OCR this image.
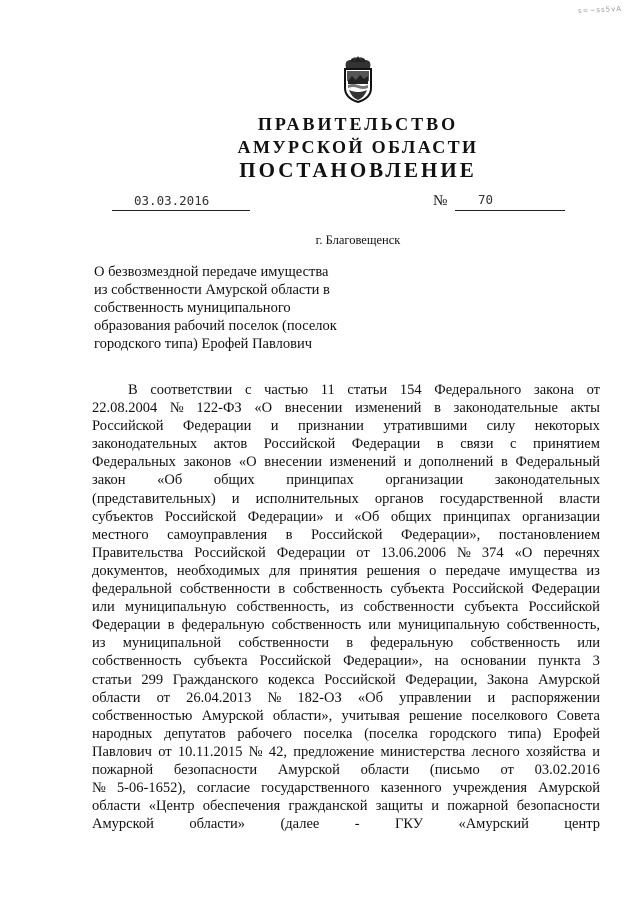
s=~ss5vA
ПРАВИТЕЛЬСТВО
АМУРСКОЙ ОБЛАСТИ
ПОСТАНОВЛЕНИЕ
03.03.2016	№ 70
г. Благовещенск
О безвозмездной передаче имущества
из собственности Амурской области в
собственность муниципального
образования рабочий поселок (поселок
городского типа) Ерофей Павлович
В соответствии с частью 11 статьи 154 Федерального закона от
22.08.2004 № 122-ФЗ «О внесении изменений в законодательные акты
Российской Федерации и признании утратившими силу некоторых
законодательных актов Российской Федерации в связи с принятием
Федеральных законов «О внесении изменений и дополнений в Федеральный
закон «Об общих принципах организации законодательных
(представительных) и исполнительных органов государственной власти
субъектов Российской Федерации» и «Об общих принципах организации
местного самоуправления в Российской Федерации», постановлением
Правительства Российской Федерации от 13.06.2006 № 374 «О перечнях
документов, необходимых для принятия решения о передаче имущества из
федеральной собственности в собственность субъекта Российской Федерации
или муниципальную собственность, из собственности субъекта Российской
Федерации в федеральную собственность или муниципальную собственность,
из муниципальной собственности в федеральную собственность или
собственность субъекта Российской Федерации», на основании пункта 3
статьи 299 Гражданского кодекса Российской Федерации, Закона Амурской
области от 26.04.2013 № 182-ОЗ «Об управлении и распоряжении
собственностью Амурской области», учитывая решение поселкового Совета
народных депутатов рабочего поселка (поселка городского типа) Ерофей
Павлович от 10.11.2015 № 42, предложение министерства лесного хозяйства и
пожарной безопасности Амурской области (письмо от 03.02.2016
№ 5-06-1652), согласие государственного казенного учреждения Амурской
области «Центр обеспечения гражданской защиты и пожарной безопасности
Амурской области» (далее - ГКУ «Амурский центр
